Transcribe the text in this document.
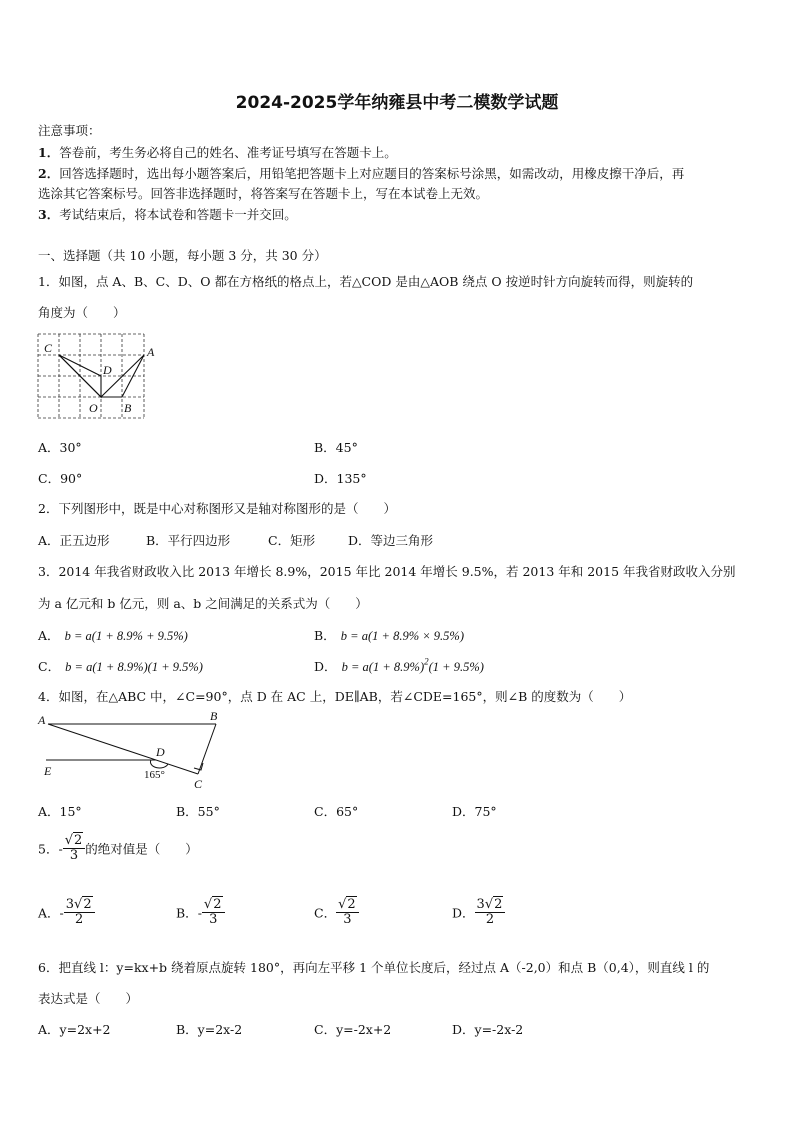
2024-2025学年纳雍县中考二模数学试题
注意事项：
1．答卷前，考生务必将自己的姓名、准考证号填写在答题卡上。
2．回答选择题时，选出每小题答案后，用铅笔把答题卡上对应题目的答案标号涂黑，如需改动，用橡皮擦干净后，再
选涂其它答案标号。回答非选择题时，将答案写在答题卡上，写在本试卷上无效。
3．考试结束后，将本试卷和答题卡一并交回。
一、选择题（共 10 小题，每小题 3 分，共 30 分）
1．如图，点 A、B、C、D、O 都在方格纸的格点上，若△COD 是由△AOB 绕点 O 按逆时针方向旋转而得，则旋转的
角度为（　　）
C	A
D
O B
A．30°	B．45°
C．90°	D．135°
2．下列图形中，既是中心对称图形又是轴对称图形的是（　　）
A．正五边形	B．平行四边形	C．矩形	D．等边三角形
3．2014 年我省财政收入比 2013 年增长 8.9%，2015 年比 2014 年增长 9.5%，若 2013 年和 2015 年我省财政收入分别
为 a 亿元和 b 亿元，则 a、b 之间满足的关系式为（　　）
A． b = a(1 + 8.9% + 9.5%)	B． b = a(1 + 8.9% × 9.5%)
C． b = a(1 + 8.9%)(1 + 9.5%)	D． $b = a(1 + 8.9\%)^2(1 + 9.5\%)$
4．如图，在△ABC 中，∠C=90°，点 D 在 AC 上，DE∥AB，若∠CDE=165°，则∠B 的度数为（　　）
A	B
D
E
C
165°
A．15°	B．55°	C．65°	D．75°
5．- $\frac{√2}{3}$ 的绝对值是（　　）
A．- $\frac{3√2}{2}$	B．- $\frac{√2}{3}$	C． $\frac{√2}{3}$	D． $\frac{3√2}{2}$
6．把直线 l：y=kx+b 绕着原点旋转 180°，再向左平移 1 个单位长度后，经过点 A（-2,0）和点 B（0,4），则直线 l 的
表达式是（　　）
A．y=2x+2	B．y=2x-2	C．y=-2x+2	D．y=-2x-2
